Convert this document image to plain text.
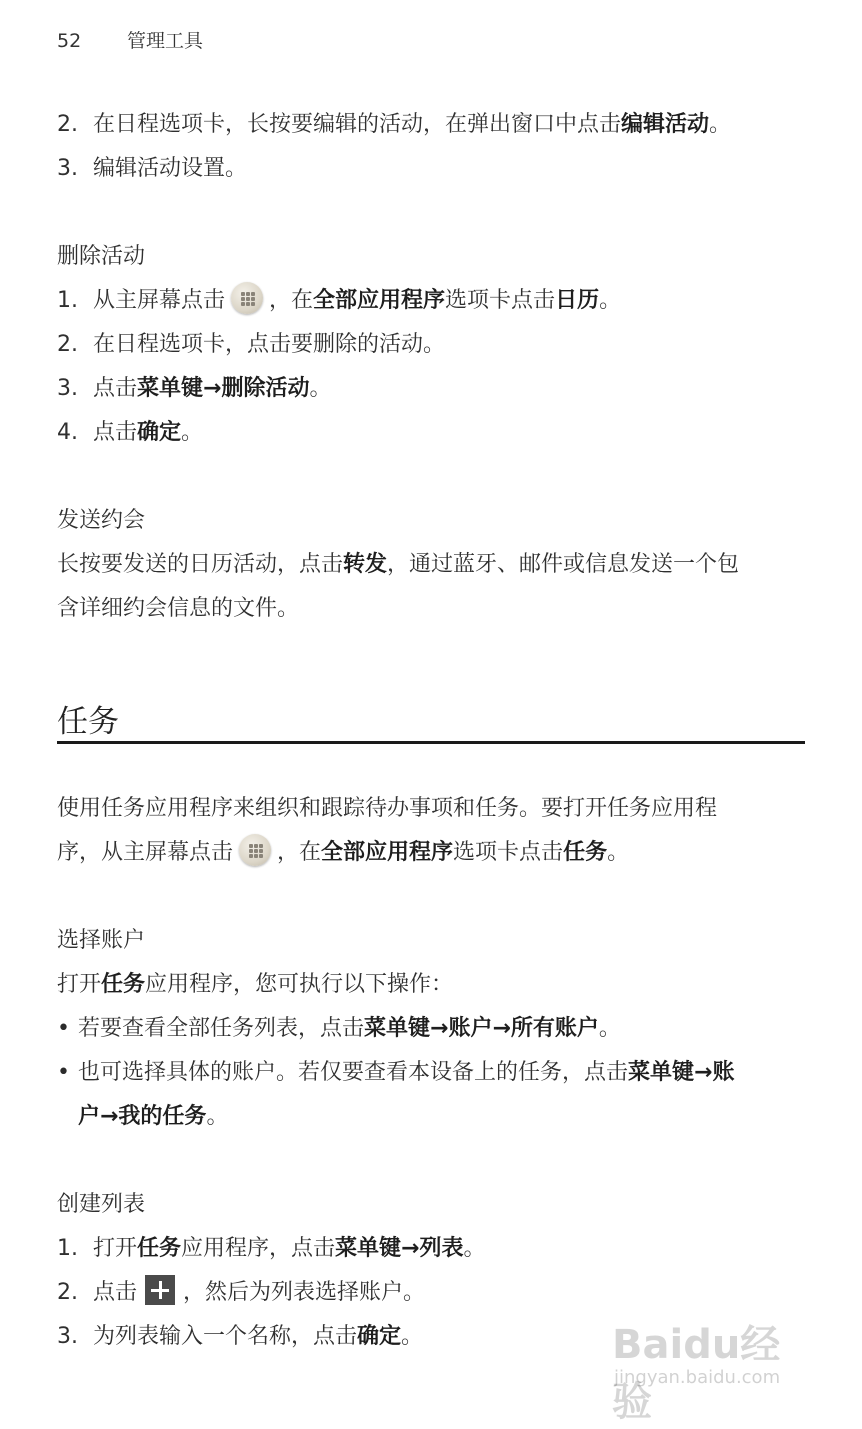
52 管理工具
2. 在日程选项卡，长按要编辑的活动，在弹出窗口中点击编辑活动。
3. 编辑活动设置。
删除活动
1. 从主屏幕点击 ，在全部应用程序选项卡点击日历。
2. 在日程选项卡，点击要删除的活动。
3. 点击菜单键→删除活动。
4. 点击确定。
发送约会
长按要发送的日历活动，点击转发，通过蓝牙、邮件或信息发送一个包
含详细约会信息的文件。
任务
使用任务应用程序来组织和跟踪待办事项和任务。要打开任务应用程
序，从主屏幕点击 ，在全部应用程序选项卡点击任务。
选择账户
打开任务应用程序，您可执行以下操作：
• 若要查看全部任务列表，点击菜单键→账户→所有账户。
• 也可选择具体的账户。若仅要查看本设备上的任务，点击菜单键→账
户→我的任务。
创建列表
1. 打开任务应用程序，点击菜单键→列表。
2. 点击 ，然后为列表选择账户。
3. 为列表输入一个名称，点击确定。	Baidu经验
jingyan.baidu.com
